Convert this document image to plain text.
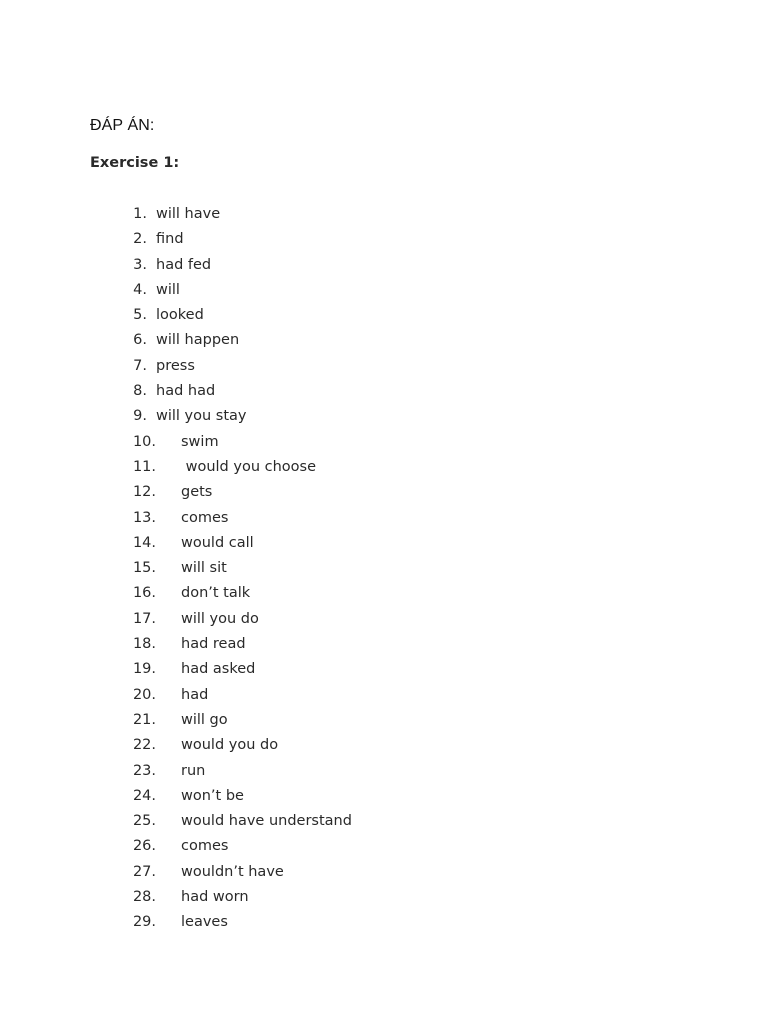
ĐÁP ÁN:
Exercise 1:
1. will have
2. find
3. had fed
4. will
5. looked
6. will happen
7. press
8. had had
9. will you stay
10. swim
11. would you choose
12. gets
13. comes
14. would call
15. will sit
16. don’t talk
17. will you do
18. had read
19. had asked
20. had
21. will go
22. would you do
23. run
24. won’t be
25. would have understand
26. comes
27. wouldn’t have
28. had worn
29. leaves
